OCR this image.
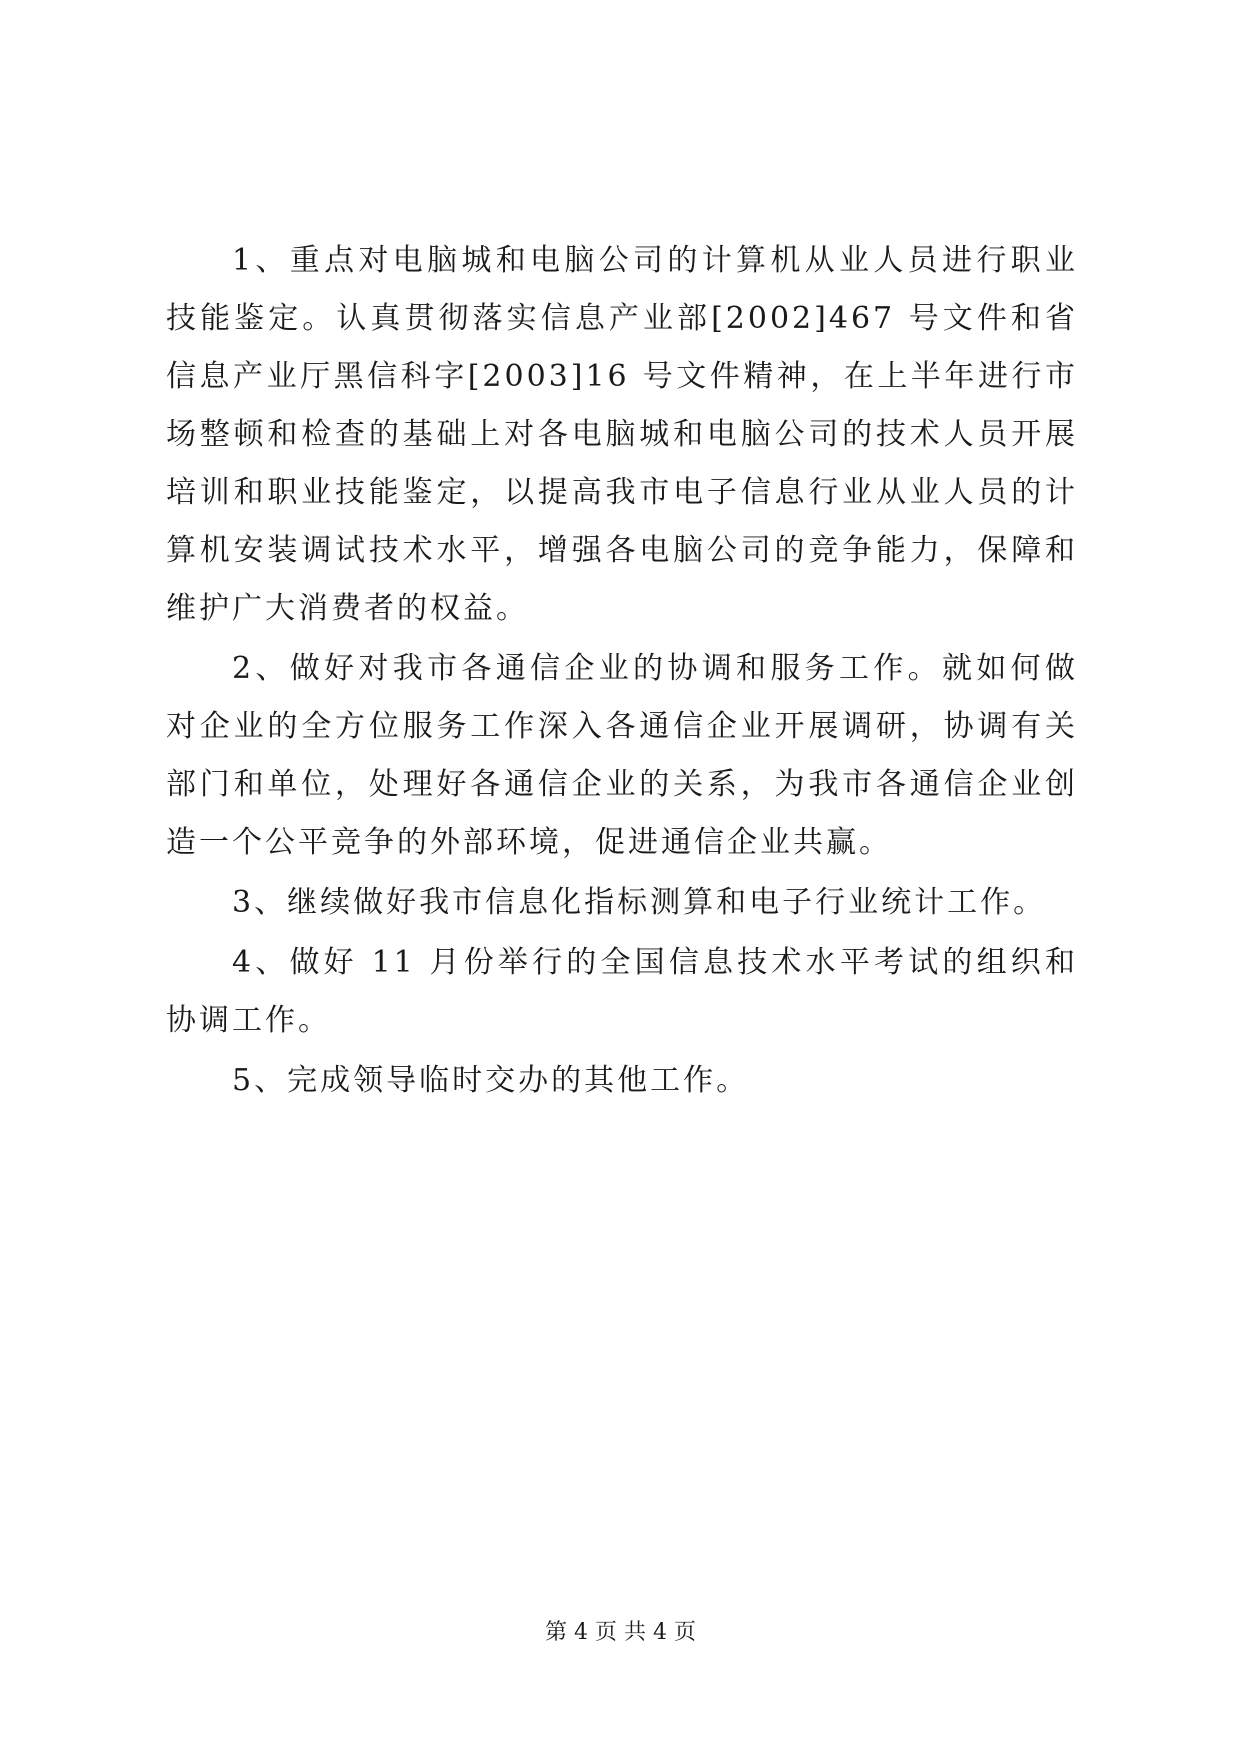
1、重点对电脑城和电脑公司的计算机从业人员进行职业技能鉴定。认真贯彻落实信息产业部[2002]467 号文件和省信息产业厅黑信科字[2003]16 号文件精神，在上半年进行市场整顿和检查的基础上对各电脑城和电脑公司的技术人员开展培训和职业技能鉴定，以提高我市电子信息行业从业人员的计算机安装调试技术水平，增强各电脑公司的竞争能力，保障和维护广大消费者的权益。

2、做好对我市各通信企业的协调和服务工作。就如何做对企业的全方位服务工作深入各通信企业开展调研，协调有关部门和单位，处理好各通信企业的关系，为我市各通信企业创造一个公平竞争的外部环境，促进通信企业共赢。

3、继续做好我市信息化指标测算和电子行业统计工作。

4、做好 11 月份举行的全国信息技术水平考试的组织和协调工作。

5、完成领导临时交办的其他工作。

第 4 页 共 4 页
